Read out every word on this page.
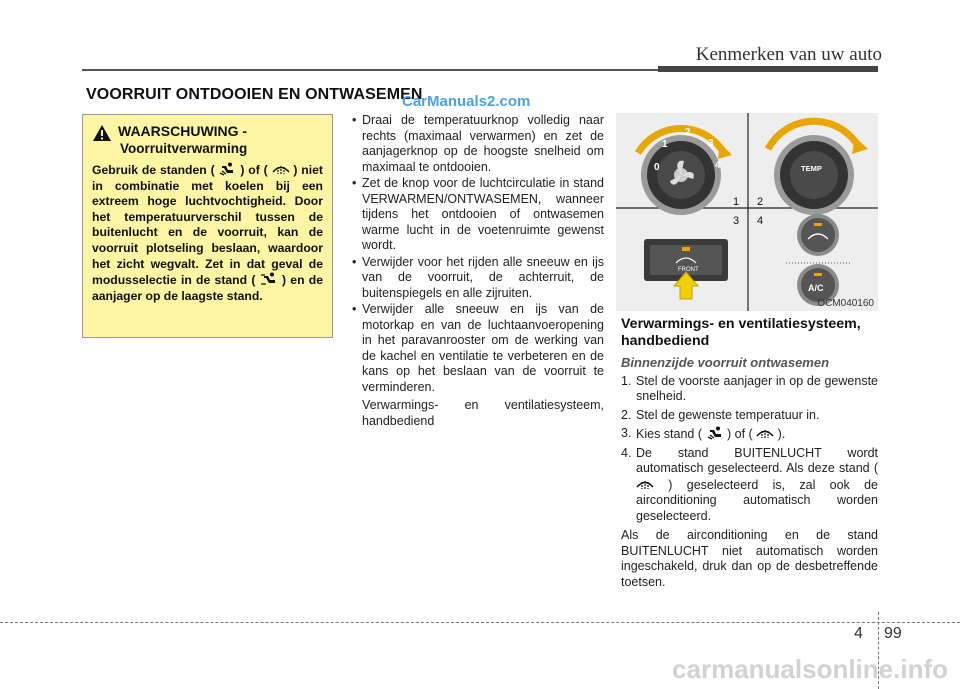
Kenmerken van uw auto
VOORRUIT ONTDOOIEN EN ONTWASEMEN
CarManuals2.com
WAARSCHUWING -
Voorruitverwarming
Gebruik de standen ( ) of ( ) niet in combinatie met koelen bij een extreem hoge luchtvochtigheid. Door het temperatuurverschil tussen de buitenlucht en de voorruit, kan de voorruit plotseling beslaan, waardoor het zicht wegvalt. Zet in dat geval de modusselectie in de stand ( ) en de aanjager op de laagste stand.
• Draai de temperatuurknop volledig naar rechts (maximaal verwarmen) en zet de aanjagerknop op de hoogste snelheid om maximaal te ontdooien.
• Zet de knop voor de luchtcirculatie in stand VERWARMEN/ONTWASEMEN, wanneer tijdens het ontdooien of ontwasemen warme lucht in de voetenruimte gewenst wordt.
• Verwijder voor het rijden alle sneeuw en ijs van de voorruit, de achterruit, de buitenspiegels en alle zijruiten.
• Verwijder alle sneeuw en ijs van de motorkap en van de luchtaanvoeropening in het paravanrooster om de werking van de kachel en ventilatie te verbeteren en de kans op het beslaan van de voorruit te verminderen.
Verwarmings- en ventilatiesysteem, handbediend
0
1
2
3
4	TEMP
1 2
3 4
FRONT
A/C
OCM040160
Verwarmings- en ventilatiesysteem, handbediend
Binnenzijde voorruit ontwasemen
1. Stel de voorste aanjager in op de gewenste snelheid.
2. Stel de gewenste temperatuur in.
3. Kies stand ( ) of ( ).
4. De stand BUITENLUCHT wordt automatisch geselecteerd. Als deze stand (  ) geselecteerd is, zal ook de airconditioning automatisch worden geselecteerd.
Als de airconditioning en de stand BUITENLUCHT niet automatisch worden ingeschakeld, druk dan op de desbetreffende toetsen.
4 99
carmanualsonline.info
